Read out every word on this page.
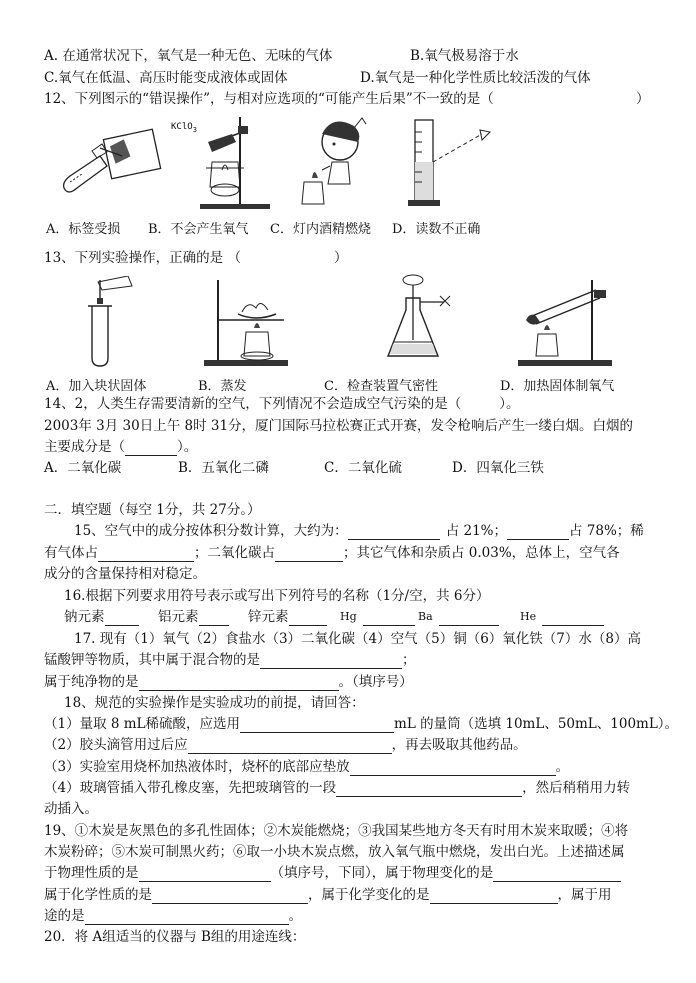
A. 在通常状况下，氧气是一种无色、无味的气体	B.氧气极易溶于水
C.氧气在低温、高压时能变成液体或固体	D.氧气是一种化学性质比较活泼的气体
12、下列图示的“错误操作”，与相对应选项的“可能产生后果”不一致的是（	）
KClO$_3$
A．标签受损 B．不会产生氧气 C．灯内酒精燃烧 D．读数不正确
13、下列实验操作，正确的是 （	）
A．加入块状固体	B．蒸发	C．检查装置气密性	D．加热固体制氧气
14、2，人类生存需要清新的空气，下列情况不会造成空气污染的是（	）。
2003年 3月 30日上午 8时 31分，厦门国际马拉松赛正式开赛，发令枪响后产生一缕白烟。白烟的
主要成分是（	）。
A．二氧化碳	B．五氧化二磷	C．二氧化硫	D．四氧化三铁
二．填空题（每空 1分，共 27分。）
15、空气中的成分按体积分数计算，大约为：	占 21%；	占 78%；稀
有气体占	；二氧化碳占	；其它气体和杂质占 0.03%，总体上，空气各
成分的含量保持相对稳定。
16.根据下列要求用符号表示或写出下列符号的名称（1分/空，共 6分）
钠元素	铝元素	锌元素	Hg	Ba	He
17. 现有（1）氧气（2）食盐水（3）二氧化碳（4）空气（5）铜（6）氧化铁（7）水（8）高
锰酸钾等物质，其中属于混合物的是	；
属于纯净物的是	。（填序号）
18、规范的实验操作是实验成功的前提，请回答：
（1）量取 8 mL稀硫酸，应选用	mL 的量筒（选填 10mL、50mL、100mL）。
（2）胶头滴管用过后应	，再去吸取其他药品。
（3）实验室用烧杯加热液体时，烧杯的底部应垫放	。
（4）玻璃管插入带孔橡皮塞，先把玻璃管的一段	，然后稍稍用力转
动插入。
19、①木炭是灰黑色的多孔性固体；②木炭能燃烧；③我国某些地方冬天有时用木炭来取暖；④将
木炭粉碎；⑤木炭可制黑火药；⑥取一小块木炭点燃，放入氧气瓶中燃烧，发出白光。上述描述属
于物理性质的是	（填序号，下同），属于物理变化的是
属于化学性质的是	，属于化学变化的是	，属于用
途的是	。
20．将 A组适当的仪器与 B组的用途连线：
